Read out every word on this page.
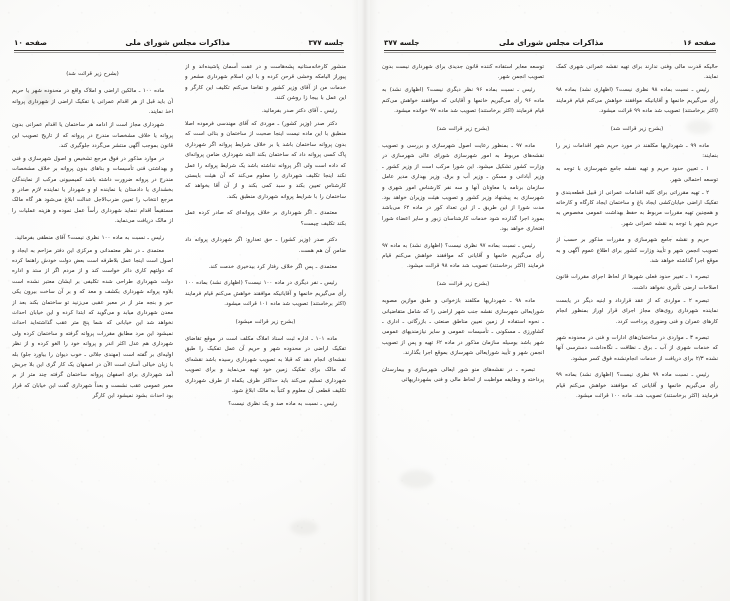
صفحه ۱۶
مذاکرات مجلس شورای ملی
جلسه ۳۷۷

حالیکه قدرت مالی وفنی ندارند برای تهیه نقشه عمرانی شهری کمک نمایند.

رئیس ـ نسبت بماده ۹۸ نظری نیست؟ (اظهاری نشد) بماده ۹۸ رأی می‌گیریم خانمها و آقایانیکه موافقند خواهش می‌کنم قیام فرمایند (اکثر برخاستند) تصویب شد ماده ۹۹ قرائت میشود.

(بشرح زیر قرائت شد)

ماده ۹۹ ـ شهرداریها مکلفند در مورد حریم شهر اقدامات زیر را بنمایند:

۱ ـ تعیین حدود حریم و تهیه نقشه جامع شهرسازی با توجه به توسعه احتمالی شهر.

۲ ـ تهیه مقرراتی برای کلیه اقدامات عمرانی از قبیل قطعه‌بندی و تفکیک اراضی خیابان‌کشی ایجاد باغ و ساختمان ایجاد کارگاه و کارخانه و همچنین تهیه مقررات مربوط به حفظ بهداشت عمومی مخصوص به حریم شهر با توجه به نقشه عمرانی شهر.

حریم و نقشه جامع شهرسازی و مقررات مذکور بر حسب از تصویب انجمن شهر و تأیید وزارت کشور برای اطلاع عموم آگهی و به موقع اجرا گذاشته خواهد شد.

تبصره ۱ ـ تغییر حدود فعلی شهرها از لحاظ اجرای مقررات قانون اصلاحات ارضی تأثیری نخواهد داشت.

تبصره ۲ ـ مواردی که از عقد قرارداد و ابنیه دیگر در یابست نماینده شهرداری روی‌های مجاز اجرای قرار اوراز بمنظور انجام کارهای عمران و فنی وضوری پرداخت کردد.

تبصره ۳ ـ مواردی در ساختمان‌های ادارات و فنی در محدوده شهر که خدمات شهری از آب ـ برق ـ نظافت ـ نگاه‌داشت دسترسی آنها نشده ۲/۳ برای دریافت از خدمات انجام‌نشده فوق کسر میشود.

رئیس ـ نسبت ماده ۹۹ نظری نیست؟ (اظهاری نشد) بماده ۹۹ رأی می‌گیریم خانمها و آقایانی که موافقند خواهش می‌کنم قیام فرمایند (اکثر برخاستند) تصویب شد. ماده ۱۰۰ قرائت میشود.

توسعه معابر استفاده کننده قانون جدیدی برای شهرداری نیست بدون تصویب انجمن شهر.

رئیس ـ نسبت بماده ۹۶ نظر دیگری نیست؟ (اظهاری نشد) به ماده ۹۶ رأی می‌گیریم خانمها و آقایانی که موافقند خواهش می‌کنم قیام فرمایند (اکثر برخاستند) تصویب شد ماده ۹۷ خوانده میشود.

(بشرح زیر قرائت شد)

ماده ۹۷ ـ بمنظور رعایت اصول شهرسازی و بررسی و تصویب نقشه‌های مربوط به امور شهرسازی شورای عالی شهرسازی در وزارت کشور تشکیل میشود. این شورا مرکب است از وزیر کشور ـ وزیر آبادانی و مسکن ـ وزیر آب و برق. وزیر بهداری مدیر عامل سازمان برنامه یا معاونان آنها و سه نفر کارشناس امور شهری و شهرسازی به پیشنهاد وزیر کشور و تصویب هیئت وزیران خواهد بود. مدت شورا از این طریق ـ از این تعداد کور در ماده ۶۲ می‌باشد بمورد اجرا گذارده شود خدمات کارشناسان زبور و سایر اعضاء شورا افتخاری خواهد بود.

رئیس ـ نسبت بماده ۹۷ نظری نیست؟ (اظهاری نشد) به ماده ۹۷ رأی می‌گیریم خانمها و آقایانی که موافقند خواهش می‌کنم قیام فرمایند (اکثر برخاستند) تصویب شد ماده ۹۸ قرائت میشود.

(بشرح زیر قرائت شد)

ماده ۹۸ ـ شهرداریها مکلفند بازخوانی و طبق موازین مصوبه شورایعالی شهرسازی نقشه جنب شهر اراضی را که شامل متقاضیانی ـ نحوه استفاده از زمین نعیین مناطق صنعتی ـ بازرگانی ـ اداری ـ کشاورزی ـ مسکونی ـ تأسیسات عمومی و سایر نیازمندیهای عمومی شهر باشد بوسیله سازمان مذکور در ماده ۶۲ تهیه و پس از تصویب انجمن شهر و تأیید شورایعالی شهرسازی بموقع اجرا بگذارند.

تبصره ـ در نقشه‌های منو شور ایعالی شهرسازی و بیمارستان پرداخته و وظایفه مواظبت از لحاظ مالی و فنی بشهرداریهائی

جلسه ۳۷۷
مذاکرات مجلس شورای ملی
صفحه ۱۰

منشور کارخانه‌ستانیه پشه‌هاست و در عفت آسمان پاشیده‌اند و از پیوراز الیامکه وخشی قرحن کرده و با این اسلام شهرداری مشعر و خدمات من از آقای وزیر کشور و تقاضا می‌کنم تکلیف این کارگر و این عمل با بیجا زا روشن کنند.

رئیس ـ آقای دکتر صدر بفرمائید.

دکتر صدر (وزیر کشور) ـ موردی که آقای مهندسی فرموده اصلا منطبق با این ماده نیست اینجا صحبت از ساختمان و بنائی است که بدون پروانه ساختمان باشد یا بر خلاف شرایط پروانه اگر شهرداری پاک کسی پروانه داد که ساختمان بکند البته شهرداری ضامن پروانه‌ای که داده است ولی اگر پروانه نداشته باشد یک شرایط پروانه را عمل نکند اینجا تکلیف شهرداری را معلوم می‌کند که آن هیئت بایستی کارشناس تعیین بکند و سبد کمی بکند و از آن آقا بخواهد که ساختمان را با شرایط پروانه شهرداری منطبق بکند.

معتمدی ـ اگر شهرداری بر خلاف پروانه‌ای که صادر کرده عمل بکند تکلیف چیست؟

دکتر صدر (وزیر کشور) ـ حق تعدارو: اگر شهرداری پروانه داد ضامن آن هم هست.

معتمدی ـ پس اگر خلاف رفتار کرد بیدخیری خدمت کند.

رئیس ـ نفر دیگری در ماده ۱۰۰ نیست؟ (اظهاری نشد) بماده ۱۰۰ رأی می‌گیریم خانمها و آقایانیکه موافقند خواهش می‌کنم قیام فرمایند (اکثر برخاستند) تصویب شد ماده ۱۰۱ قرائت میشود.

(بشرح زیر قرائت میشود)

ماده ۱۰۱ ـ اداره ثبت اسناد املاک مکلف است در موقع تقاضای تفکیک اراضی در محدوده شهر و حریم آن عمل تفکیک را طبق نقشه‌ای انجام دهد که قبلا به تصویب شهرداری رسیده باشد نقشه‌ای که مالک برای تفکیک زمین خود تهیه می‌نماید و برای تصویب شهرداری تسلیم می‌کند باید حداکثر ظرف یکماه از طرف شهرداری تکلیف قطعی آن معلوم و کتباً به مالک ابلاغ شود.

رئیس ـ نسبت به ماده صد و یک نظری نیست؟

(بشرح زیر قرائت شد)

ماده ۱۰۰ ـ مالکین اراضی و املاک واقع در محدوده شهر یا حریم آن باید قبل از هر اقدام عمرانی یا تفکیک اراضی از شهرداری پروانه اخذ نمایند.

شهرداری مجاز است از ادامه هر ساختمان یا اقدام عمرانی بدون پروانه یا خلاف مشخصات مندرج در پروانه که از تاریخ تصویب این قانون بموجب آگهی منتشر می‌گردد جلوگیری کند.

در موارد مذکور در فوق مرجع تشخیص و اصول شهرسازی و فنی و بهداشتی فنی تأسیسات و بناهای بدون پروانه بر خلاف مشخصات مندرج در پروانه ضرورت داشته باشد کمیسیونی مرکب از نمایندگان بخشداری یا دادستان یا نماینده او و شهردار یا نماینده لازم صادر و مرجع انتخاب را تعیین ضرب‌الاجل عدالت ابلاغ می‌شود هر گاه مالک مستقیماً اقدام ننماید شهرداری رأساً عمل نموده و هزینه عملیات را از مالک دریافت می‌نماید.

رئیس ـ نسبت به ماده ۱۰۰ نظری نیست؟ آقای منطقی بفرمائید.

معتمدی ـ در نظر معتمدانی و مرکزی این دفتر مزاحم به ایجاد و اصول است اینجا عمل بلاطرفه است بعض دولت خودش راهنما کرده که دولتهم کاری دائر خواست کند و از مردم اگر از ستد و اداره دولت شهرداری طراحی شده تکلیفی بر ایشان معتبر نشده است بلاوه پروانه شهرداری بکشف و معد که و بر آن ساخت بیرون یکی حیر و بنجه متر از در معبر عقبی می‌زنید تو ساختمان بکند بعد از معدن شهرداری میابد و می‌گوید که ابتدا کرده و این خیابان احداث نخواهد شد این خیابانی که شما پنج متر عقب گذاشته‌اید احداث نمیشود این مرد مطابق مقررات پروانه گرفته و ساختمان کرده ولی شهرداری هم عدل اکثر اندر و پروانه خود را الغو کرده و از نظر اولیه‌ای بر گفته است (مهندی جلالی ـ خوب دیوان را بیاورد جلو) بله با زبان خیالی آسان است الآن در اصفهان یک کار گری این بلا جریش آمد شهرداری برای اصفهان پروانه ساختمان گرفته چند متر از بر معبر عمومی عقب نشست و بعداً شهرداری گفت این خیابان که قرار بود احداث بشود نمیشود این کارگر
